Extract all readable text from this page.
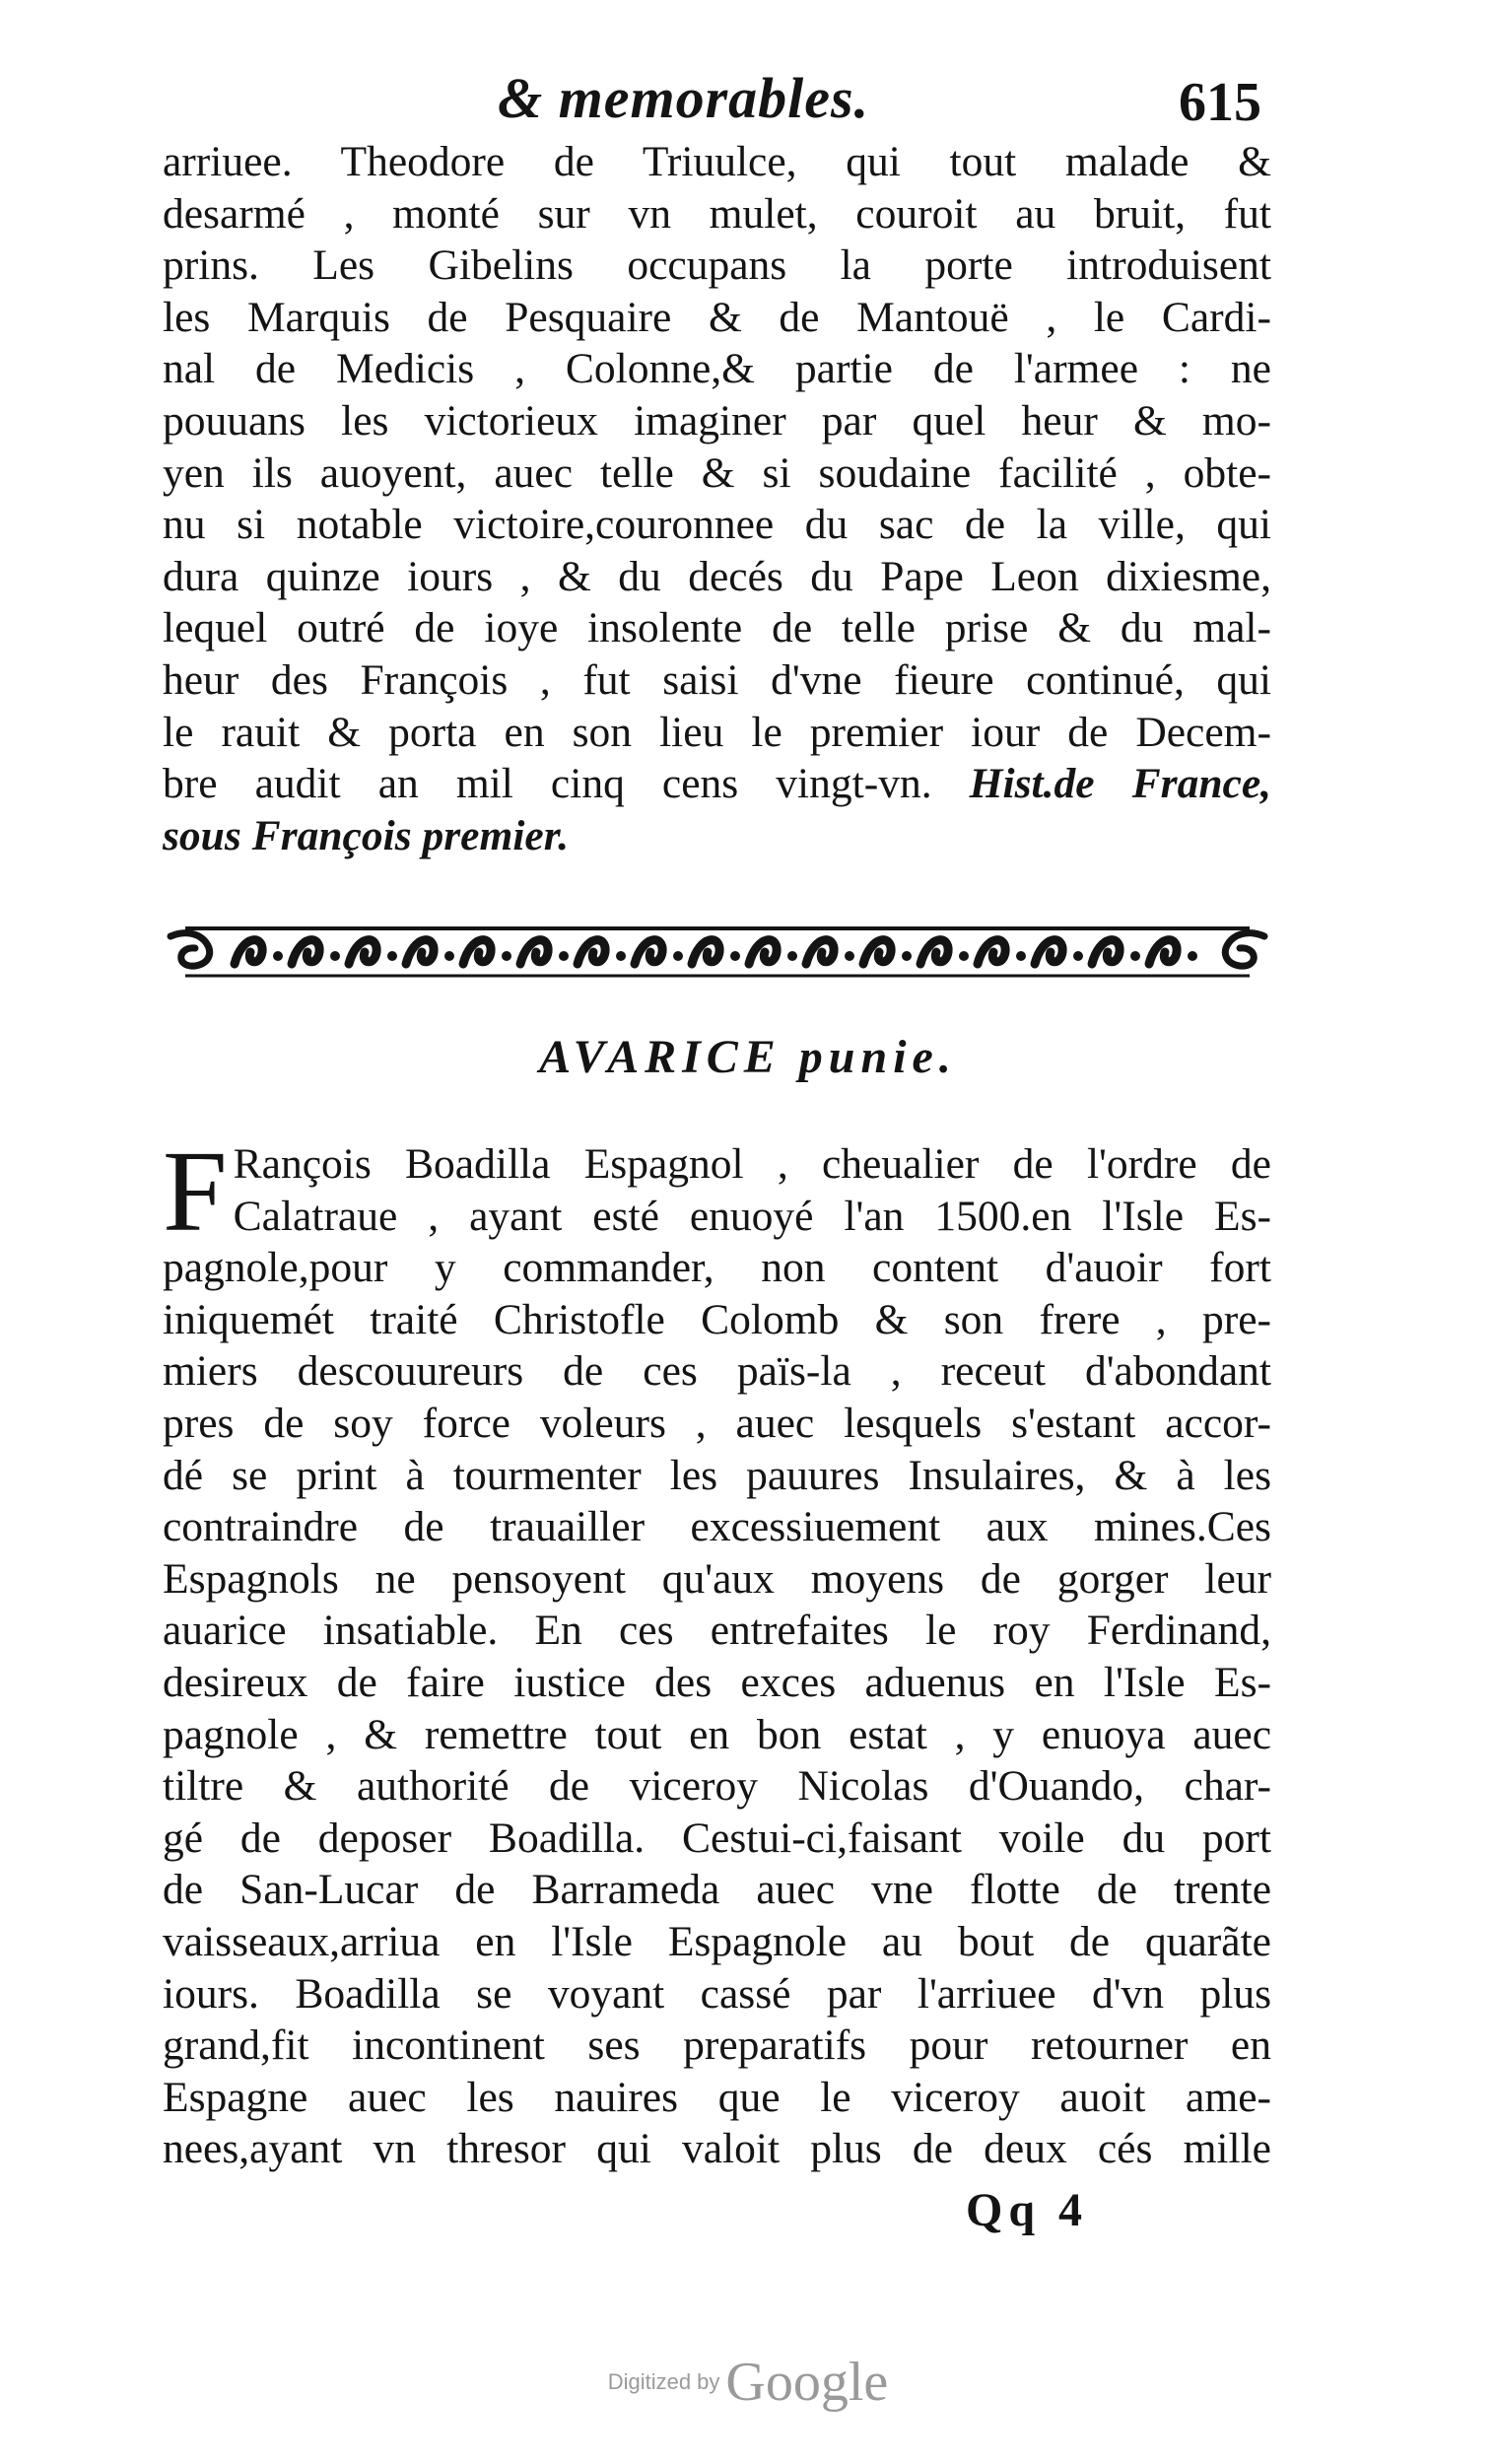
& memorables.	615
arriuee. Theodore de Triuulce, qui tout malade &
desarmé , monté sur vn mulet, couroit au bruit, fut
prins. Les Gibelins occupans la porte introduisent
les Marquis de Pesquaire & de Mantouë , le Cardi-
nal de Medicis , Colonne,& partie de l'armee : ne
pouuans les victorieux imaginer par quel heur & mo-
yen ils auoyent, auec telle & si soudaine facilité , obte-
nu si notable victoire,couronnee du sac de la ville, qui
dura quinze iours , & du decés du Pape Leon dixiesme,
lequel outré de ioye insolente de telle prise & du mal-
heur des François , fut saisi d'vne fieure continué, qui
le rauit & porta en son lieu le premier iour de Decem-
bre audit an mil cinq cens vingt-vn. Hist.de France,
sous François premier.
AVARICE punie.
F Rançois Boadilla Espagnol , cheualier de l'ordre de
Calatraue , ayant esté enuoyé l'an 1500.en l'Isle Es-
pagnole,pour y commander, non content d'auoir fort
iniquemét traité Christofle Colomb & son frere , pre-
miers descouureurs de ces païs-la , receut d'abondant
pres de soy force voleurs , auec lesquels s'estant accor-
dé se print à tourmenter les pauures Insulaires, & à les
contraindre de trauailler excessiuement aux mines.Ces
Espagnols ne pensoyent qu'aux moyens de gorger leur
auarice insatiable. En ces entrefaites le roy Ferdinand,
desireux de faire iustice des exces aduenus en l'Isle Es-
pagnole , & remettre tout en bon estat , y enuoya auec
tiltre & authorité de viceroy Nicolas d'Ouando, char-
gé de deposer Boadilla. Cestui-ci,faisant voile du port
de San-Lucar de Barrameda auec vne flotte de trente
vaisseaux,arriua en l'Isle Espagnole au bout de quarãte
iours. Boadilla se voyant cassé par l'arriuee d'vn plus
grand,fit incontinent ses preparatifs pour retourner en
Espagne auec les nauires que le viceroy auoit ame-
nees,ayant vn thresor qui valoit plus de deux cés mille
Qq 4
Digitized by Google
